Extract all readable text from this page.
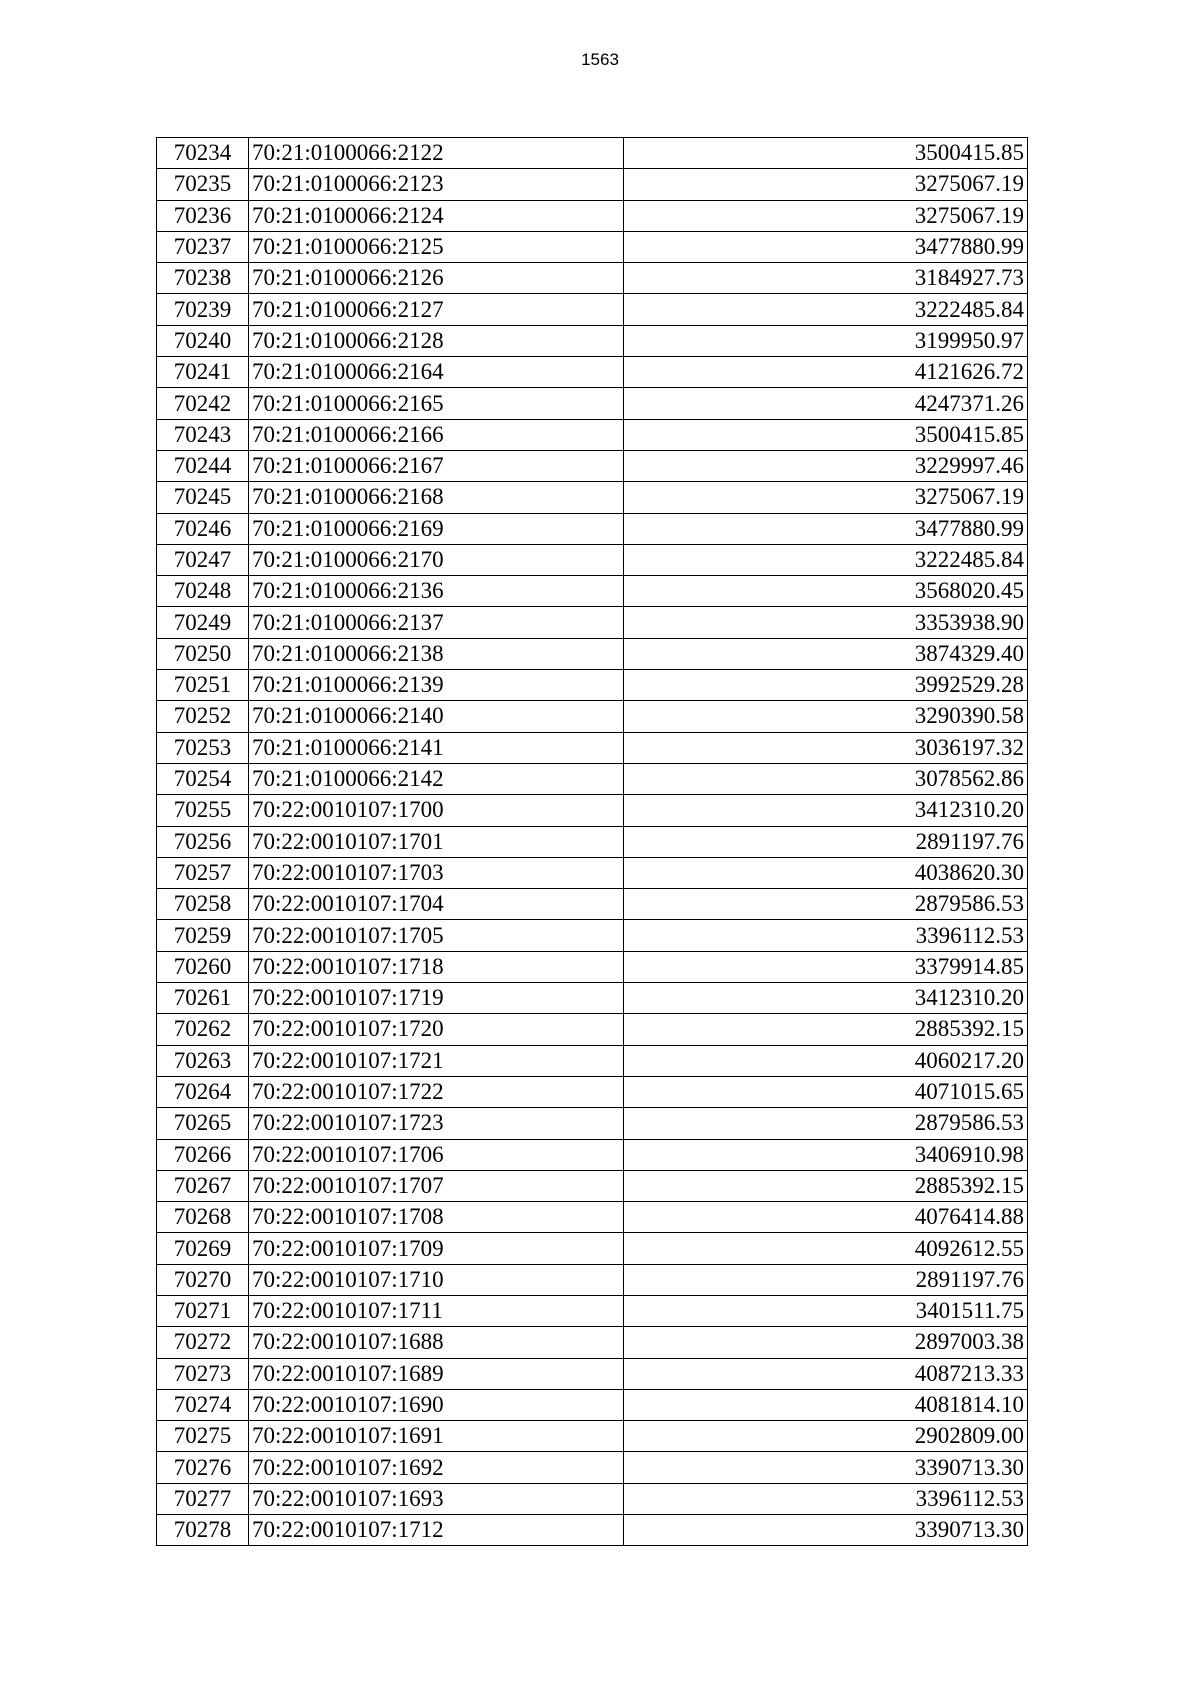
1563
70234	70:21:0100066:2122	3500415.85
70235	70:21:0100066:2123	3275067.19
70236	70:21:0100066:2124	3275067.19
70237	70:21:0100066:2125	3477880.99
70238	70:21:0100066:2126	3184927.73
70239	70:21:0100066:2127	3222485.84
70240	70:21:0100066:2128	3199950.97
70241	70:21:0100066:2164	4121626.72
70242	70:21:0100066:2165	4247371.26
70243	70:21:0100066:2166	3500415.85
70244	70:21:0100066:2167	3229997.46
70245	70:21:0100066:2168	3275067.19
70246	70:21:0100066:2169	3477880.99
70247	70:21:0100066:2170	3222485.84
70248	70:21:0100066:2136	3568020.45
70249	70:21:0100066:2137	3353938.90
70250	70:21:0100066:2138	3874329.40
70251	70:21:0100066:2139	3992529.28
70252	70:21:0100066:2140	3290390.58
70253	70:21:0100066:2141	3036197.32
70254	70:21:0100066:2142	3078562.86
70255	70:22:0010107:1700	3412310.20
70256	70:22:0010107:1701	2891197.76
70257	70:22:0010107:1703	4038620.30
70258	70:22:0010107:1704	2879586.53
70259	70:22:0010107:1705	3396112.53
70260	70:22:0010107:1718	3379914.85
70261	70:22:0010107:1719	3412310.20
70262	70:22:0010107:1720	2885392.15
70263	70:22:0010107:1721	4060217.20
70264	70:22:0010107:1722	4071015.65
70265	70:22:0010107:1723	2879586.53
70266	70:22:0010107:1706	3406910.98
70267	70:22:0010107:1707	2885392.15
70268	70:22:0010107:1708	4076414.88
70269	70:22:0010107:1709	4092612.55
70270	70:22:0010107:1710	2891197.76
70271	70:22:0010107:1711	3401511.75
70272	70:22:0010107:1688	2897003.38
70273	70:22:0010107:1689	4087213.33
70274	70:22:0010107:1690	4081814.10
70275	70:22:0010107:1691	2902809.00
70276	70:22:0010107:1692	3390713.30
70277	70:22:0010107:1693	3396112.53
70278	70:22:0010107:1712	3390713.30
